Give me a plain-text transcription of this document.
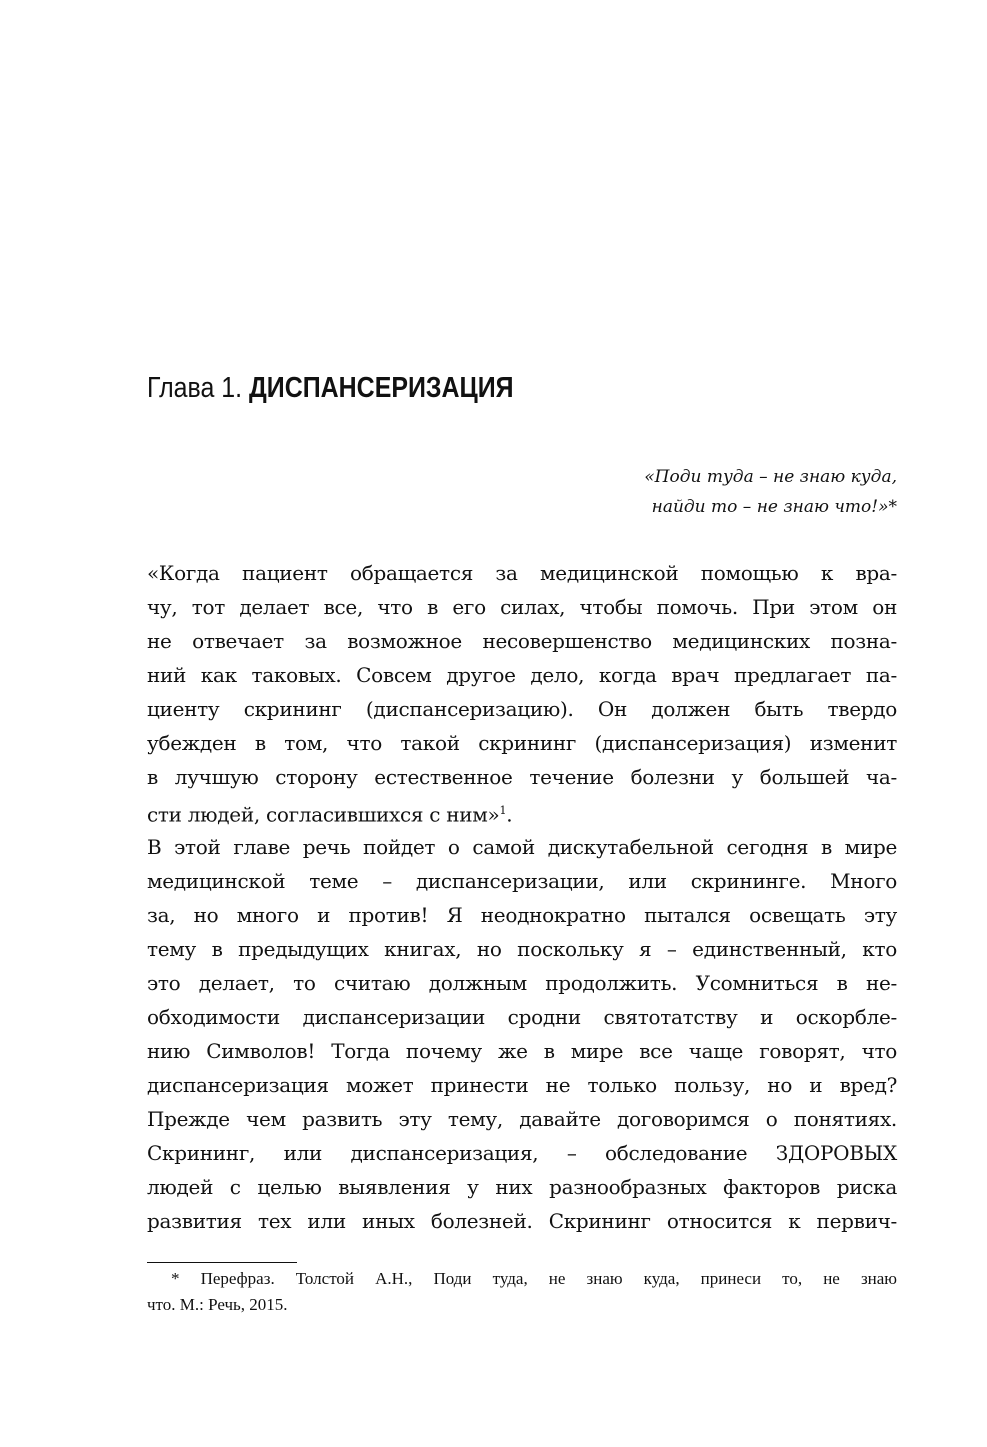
Глава 1. ДИСПАНСЕРИЗАЦИЯ
«Поди туда – не знаю куда,
найди то – не знаю что!»*
«Когда пациент обращается за медицинской помощью к вра-
чу, тот делает все, что в его силах, чтобы помочь. При этом он
не отвечает за возможное несовершенство медицинских позна-
ний как таковых. Совсем другое дело, когда врач предлагает па-
циенту скрининг (диспансеризацию). Он должен быть твердо
убежден в том, что такой скрининг (диспансеризация) изменит
в лучшую сторону естественное течение болезни у большей ча-
сти людей, согласившихся с ним»$^1$.
В этой главе речь пойдет о самой дискутабельной сегодня в мире
медицинской теме – диспансеризации, или скрининге. Много
за, но много и против! Я неоднократно пытался освещать эту
тему в предыдущих книгах, но поскольку я – единственный, кто
это делает, то считаю должным продолжить. Усомниться в не-
обходимости диспансеризации сродни святотатству и оскорбле-
нию Символов! Тогда почему же в мире все чаще говорят, что
диспансеризация может принести не только пользу, но и вред?
Прежде чем развить эту тему, давайте договоримся о понятиях.
Скрининг, или диспансеризация, – обследование ЗДОРОВЫХ
людей с целью выявления у них разнообразных факторов риска
развития тех или иных болезней. Скрининг относится к первич-
* Перефраз. Толстой А.Н., Поди туда, не знаю куда, принеси то, не знаю
что. М.: Речь, 2015.
